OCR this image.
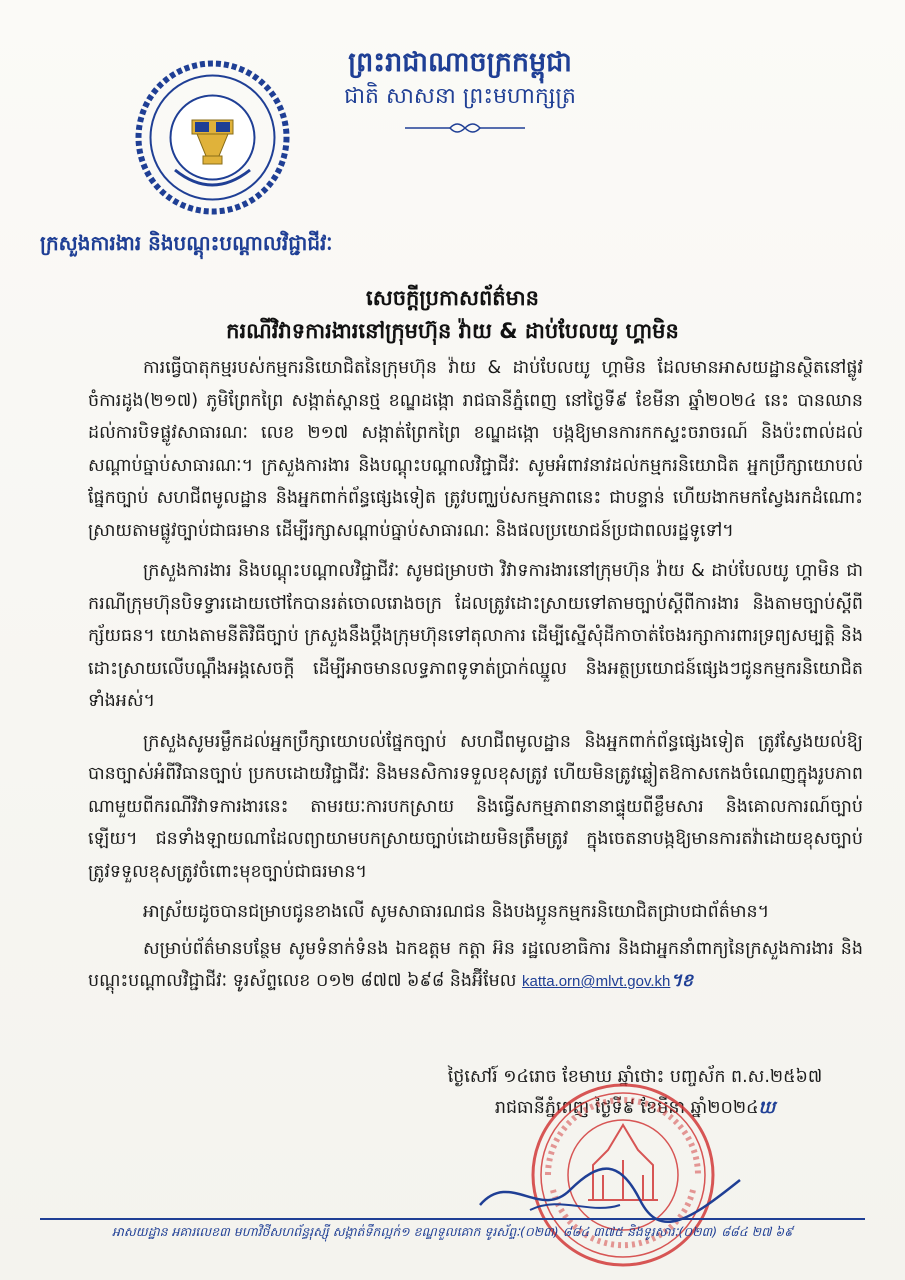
ព្រះរាជាណាចក្រកម្ពុជា
ជាតិ សាសនា ព្រះមហាក្សត្រ
ក្រសួងការងារ និងបណ្តុះបណ្តាលវិជ្ជាជីវៈ
សេចក្តីប្រកាសព័ត៌មាន
ករណីវិវាទការងារនៅក្រុមហ៊ុន វ៉ាយ & ដាប់បែលយូ ហ្គាមិន

ការធ្វើបាតុកម្មរបស់កម្មករនិយោជិតនៃក្រុមហ៊ុន វ៉ាយ & ដាប់បែលយូ ហ្គាមិន ដែលមានអាសយដ្ឋានស្ថិតនៅផ្លូវចំការដូង(២១៧) ភូមិព្រែកព្រៃ សង្កាត់ស្ពានថ្ម ខណ្ឌដង្កោ រាជធានីភ្នំពេញ នៅថ្ងៃទី៩ ខែមីនា ឆ្នាំ២០២៤ នេះ បានឈានដល់ការបិទផ្លូវសាធារណៈ លេខ ២១៧ សង្កាត់ព្រែកព្រៃ ខណ្ឌដង្កោ បង្កឱ្យមានការកកស្ទះចរាចរណ៍ និងប៉ះពាល់ដល់សណ្តាប់ធ្នាប់សាធារណៈ។ ក្រសួងការងារ និងបណ្តុះបណ្តាលវិជ្ជាជីវៈ សូមអំពាវនាវដល់កម្មករនិយោជិត អ្នកប្រឹក្សាយោបល់ផ្នែកច្បាប់ សហជីពមូលដ្ឋាន និងអ្នកពាក់ព័ន្ធផ្សេងទៀត ត្រូវបញ្ឈប់សកម្មភាពនេះ ជាបន្ទាន់ ហើយងាកមកស្វែងរកដំណោះស្រាយតាមផ្លូវច្បាប់ជាធរមាន ដើម្បីរក្សាសណ្តាប់ធ្នាប់សាធារណៈ និងផលប្រយោជន៍ប្រជាពលរដ្ឋទូទៅ។

ក្រសួងការងារ និងបណ្តុះបណ្តាលវិជ្ជាជីវៈ សូមជម្រាបថា វិវាទការងារនៅក្រុមហ៊ុន វ៉ាយ & ដាប់បែលយូ ហ្គាមិន ជាករណីក្រុមហ៊ុនបិទទ្វារដោយថៅកែបានរត់ចោលរោងចក្រ ដែលត្រូវដោះស្រាយទៅតាមច្បាប់ស្តីពីការងារ និងតាមច្បាប់ស្តីពីក្ស័យធន។ យោងតាមនីតិវិធីច្បាប់ ក្រសួងនឹងប្តឹងក្រុមហ៊ុនទៅតុលាការ ដើម្បីស្នើសុំដីកាចាត់ចែងរក្សាការពារទ្រព្យសម្បត្តិ និងដោះស្រាយលើបណ្តឹងអង្គសេចក្តី ដើម្បីអាចមានលទ្ធភាពទូទាត់ប្រាក់ឈ្នួល និងអត្ថប្រយោជន៍ផ្សេងៗជូនកម្មករនិយោជិតទាំងអស់។

ក្រសួងសូមរម្លឹកដល់អ្នកប្រឹក្សាយោបល់ផ្នែកច្បាប់ សហជីពមូលដ្ឋាន និងអ្នកពាក់ព័ន្ធផ្សេងទៀត ត្រូវស្វែងយល់ឱ្យបានច្បាស់អំពីវិធានច្បាប់ ប្រកបដោយវិជ្ជាជីវៈ និងមនសិការទទួលខុសត្រូវ ហើយមិនត្រូវឆ្លៀតឱកាសកេងចំណេញក្នុងរូបភាពណាមួយពីករណីវិវាទការងារនេះ តាមរយៈការបកស្រាយ និងធ្វើសកម្មភាពនានាផ្ទុយពីខ្លឹមសារ និងគោលការណ៍ច្បាប់ឡើយ។ ជនទាំងឡាយណាដែលព្យាយាមបកស្រាយច្បាប់ដោយមិនត្រឹមត្រូវ ក្នុងចេតនាបង្កឱ្យមានការតវ៉ាដោយខុសច្បាប់ ត្រូវទទួលខុសត្រូវចំពោះមុខច្បាប់ជាធរមាន។

អាស្រ័យដូចបានជម្រាបជូនខាងលើ សូមសាធារណជន និងបងប្អូនកម្មករនិយោជិតជ្រាបជាព័ត៌មាន។

សម្រាប់ព័ត៌មានបន្ថែម សូមទំនាក់ទំនង ឯកឧត្តម កត្តា អ៊ន រដ្ឋលេខាធិការ និងជាអ្នកនាំពាក្យនៃក្រសួងការងារ និងបណ្តុះបណ្តាលវិជ្ជាជីវៈ ទូរស័ព្ទលេខ ០១២ ៨៧៧ ៦៩៨ និងអ៊ីមែល katta.orn@mlvt.gov.kh។ខ

ថ្ងៃសៅរ៍ ១៤រោច ខែមាឃ ឆ្នាំថោះ បញ្ចស័ក ព.ស.២៥៦៧
រាជធានីភ្នំពេញ ថ្ងៃទី៩ ខែមីនា ឆ្នាំ២០២៤ឃ
អាសយដ្ឋាន អគារលេខ៣ មហាវិថីសហព័ន្ធរុស្ស៊ី សង្កាត់ទឹកល្អក់១ ខណ្ឌទួលគោក ទូរស័ព្ទៈ(០២៣) ៨៨៤ ៣៧៥ និងទូរសារៈ(០២៣) ៨៨៤ ២៧ ៦៩
